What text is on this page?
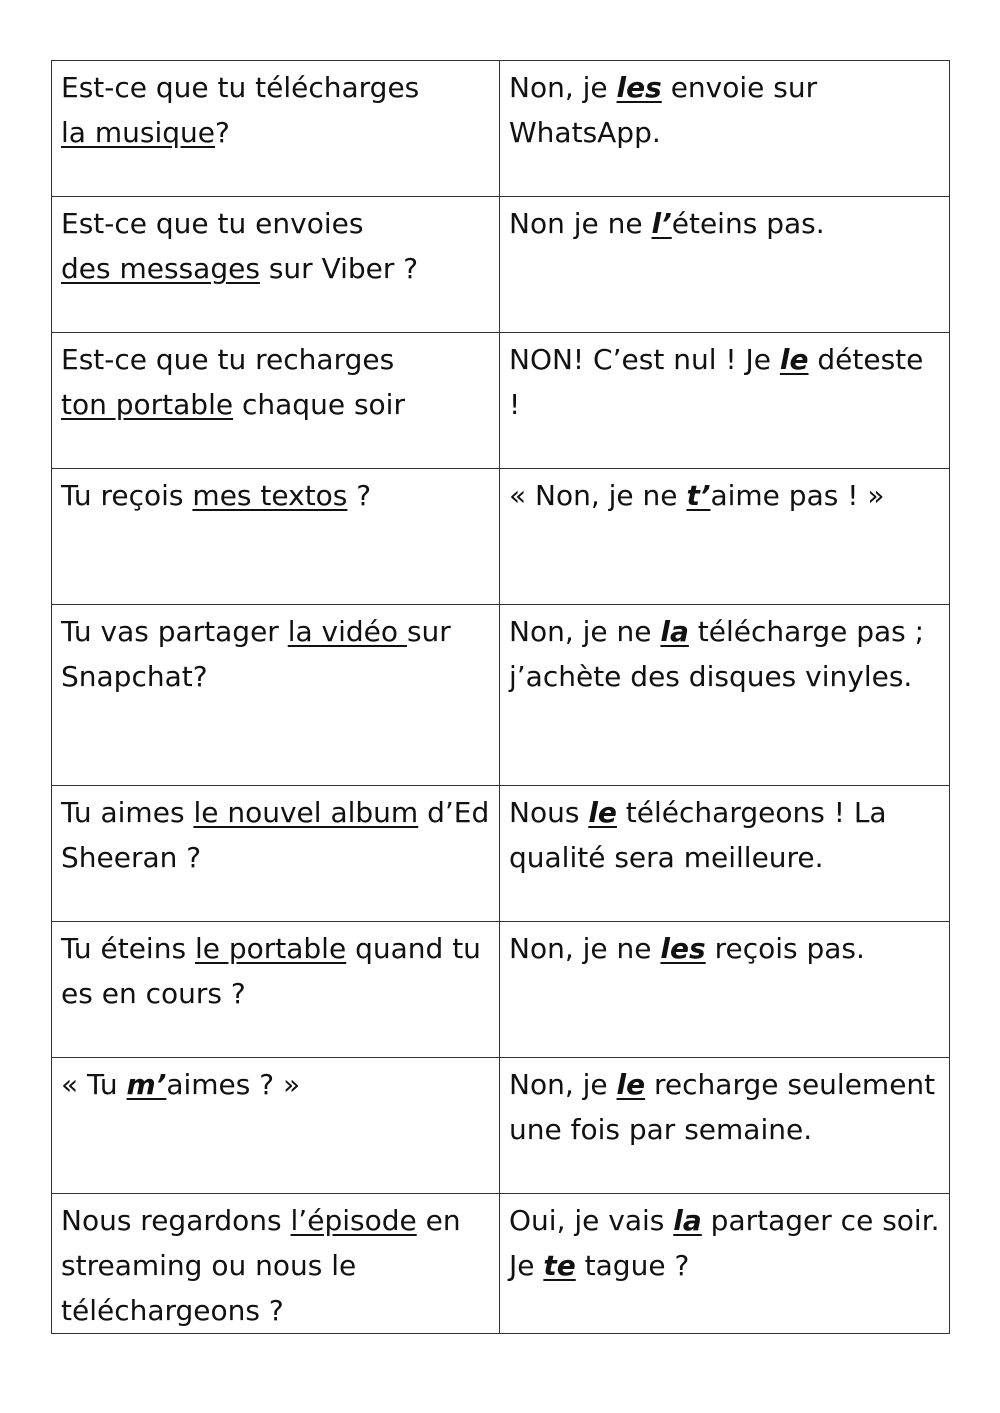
Est-ce que tu télécharges
la musique?	Non, je les envoie sur WhatsApp.
Est-ce que tu envoies
des messages sur Viber ?	Non je ne l’éteins pas.
Est-ce que tu recharges
ton portable chaque soir	NON! C’est nul ! Je le déteste !
Tu reçois mes textos ?	« Non, je ne t’aime pas ! »
Tu vas partager la vidéo sur Snapchat?	Non, je ne la télécharge pas ; j’achète des disques vinyles.
Tu aimes le nouvel album d’Ed Sheeran ?	Nous le téléchargeons ! La qualité sera meilleure.
Tu éteins le portable quand tu es en cours ?	Non, je ne les reçois pas.
« Tu m’aimes ? »	Non, je le recharge seulement une fois par semaine.
Nous regardons l’épisode en streaming ou nous le téléchargeons ?	Oui, je vais la partager ce soir. Je te tague ?
